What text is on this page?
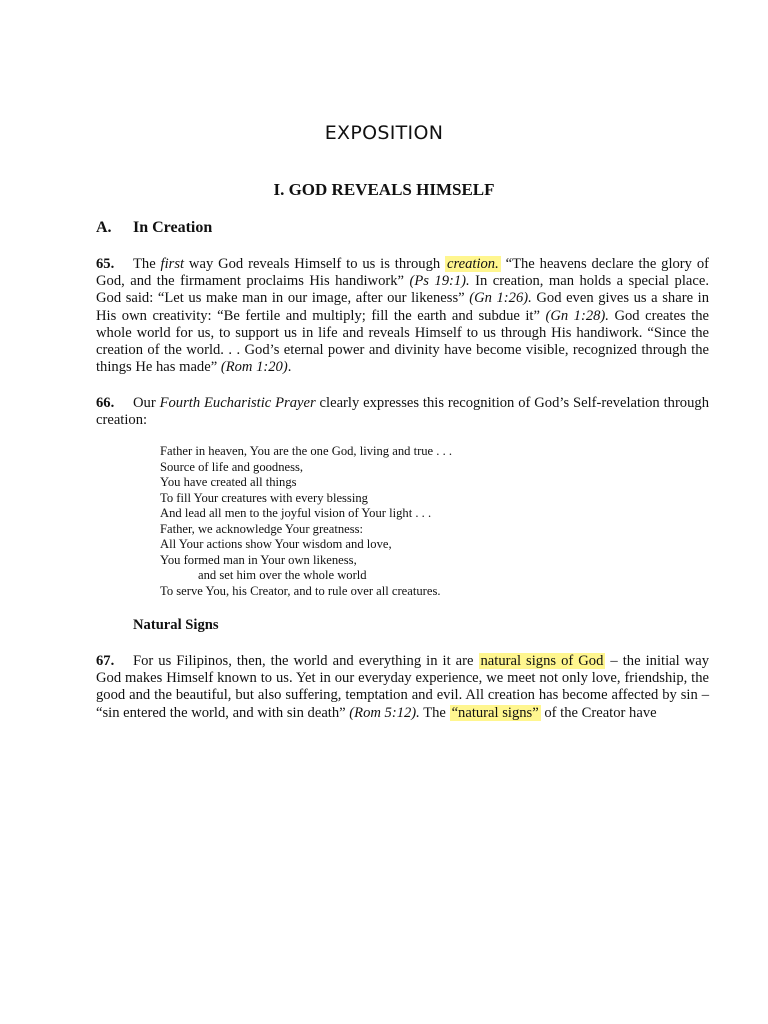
EXPOSITION
I. GOD REVEALS HIMSELF
A. In Creation
65. The first way God reveals Himself to us is through creation. “The heavens declare the glory of God, and the firmament proclaims His handiwork” (Ps 19:1). In creation, man holds a special place. God said: “Let us make man in our image, after our likeness” (Gn 1:26). God even gives us a share in His own creativity: “Be fertile and multiply; fill the earth and subdue it” (Gn 1:28). God creates the whole world for us, to support us in life and reveals Himself to us through His handiwork. “Since the creation of the world. . . God’s eternal power and divinity have become visible, recognized through the things He has made” (Rom 1:20).
66. Our Fourth Eucharistic Prayer clearly expresses this recognition of God’s Self-revelation through creation:
Father in heaven, You are the one God, living and true . . .
Source of life and goodness,
You have created all things
To fill Your creatures with every blessing
And lead all men to the joyful vision of Your light . . .
Father, we acknowledge Your greatness:
All Your actions show Your wisdom and love,
You formed man in Your own likeness,
and set him over the whole world
To serve You, his Creator, and to rule over all creatures.
Natural Signs
67. For us Filipinos, then, the world and everything in it are natural signs of God – the initial way God makes Himself known to us. Yet in our everyday experience, we meet not only love, friendship, the good and the beautiful, but also suffering, temptation and evil. All creation has become affected by sin – “sin entered the world, and with sin death” (Rom 5:12). The “natural signs” of the Creator have
